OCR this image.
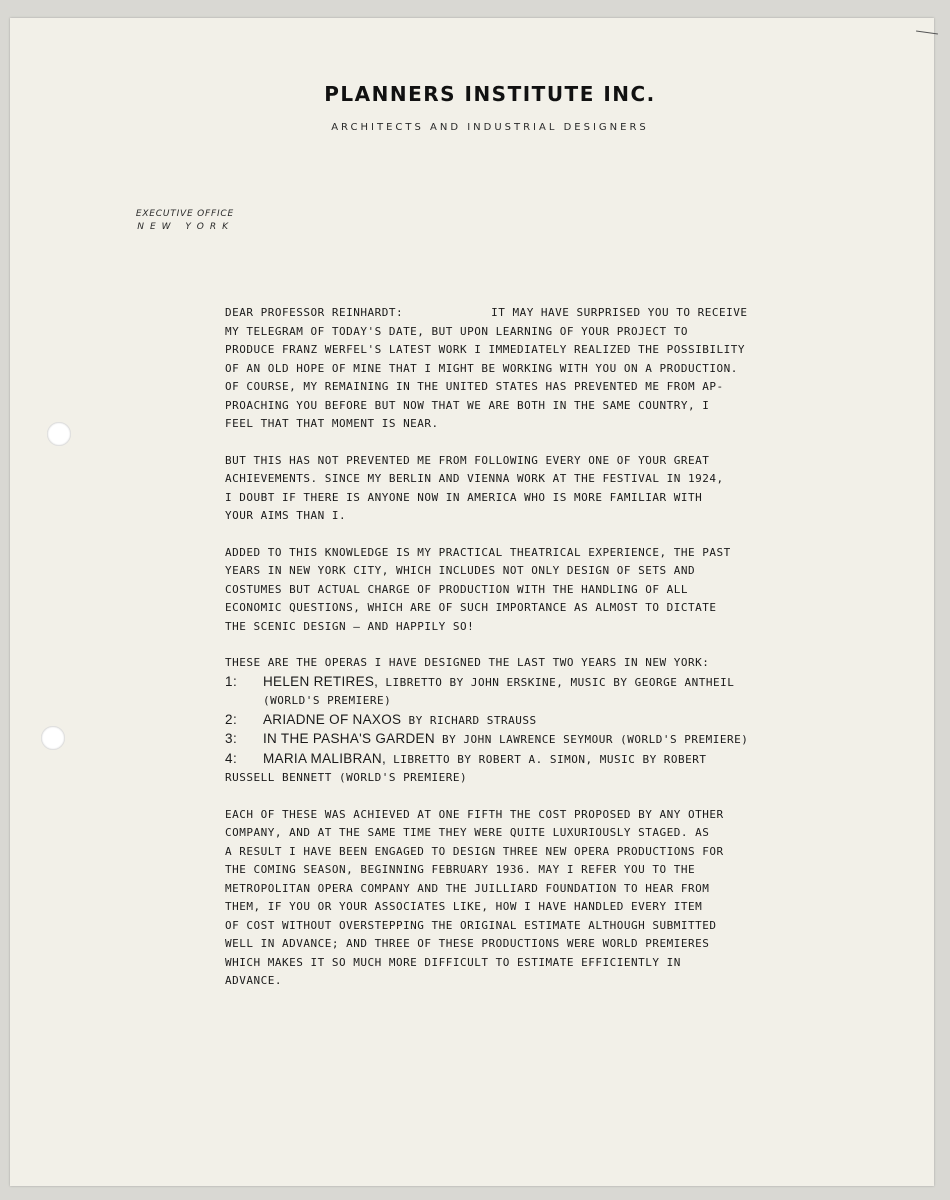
PLANNERS INSTITUTE INC.
ARCHITECTS AND INDUSTRIAL DESIGNERS
EXECUTIVE OFFICE
NEW YORK
DEAR PROFESSOR REINHARDT:	IT MAY HAVE SURPRISED YOU TO RECEIVE
MY TELEGRAM OF TODAY'S DATE, BUT UPON LEARNING OF YOUR PROJECT TO
PRODUCE FRANZ WERFEL'S LATEST WORK I IMMEDIATELY REALIZED THE POSSIBILITY
OF AN OLD HOPE OF MINE THAT I MIGHT BE WORKING WITH YOU ON A PRODUCTION.
OF COURSE, MY REMAINING IN THE UNITED STATES HAS PREVENTED ME FROM AP-
PROACHING YOU BEFORE BUT NOW THAT WE ARE BOTH IN THE SAME COUNTRY, I
FEEL THAT THAT MOMENT IS NEAR.
BUT THIS HAS NOT PREVENTED ME FROM FOLLOWING EVERY ONE OF YOUR GREAT
ACHIEVEMENTS. SINCE MY BERLIN AND VIENNA WORK AT THE FESTIVAL IN 1924,
I DOUBT IF THERE IS ANYONE NOW IN AMERICA WHO IS MORE FAMILIAR WITH
YOUR AIMS THAN I.
ADDED TO THIS KNOWLEDGE IS MY PRACTICAL THEATRICAL EXPERIENCE, THE PAST
YEARS IN NEW YORK CITY, WHICH INCLUDES NOT ONLY DESIGN OF SETS AND
COSTUMES BUT ACTUAL CHARGE OF PRODUCTION WITH THE HANDLING OF ALL
ECONOMIC QUESTIONS, WHICH ARE OF SUCH IMPORTANCE AS ALMOST TO DICTATE
THE SCENIC DESIGN — AND HAPPILY SO!
THESE ARE THE OPERAS I HAVE DESIGNED THE LAST TWO YEARS IN NEW YORK:
1: HELEN RETIRES, LIBRETTO BY JOHN ERSKINE, MUSIC BY GEORGE ANTHEIL
(WORLD'S PREMIERE)
2: ARIADNE OF NAXOS BY RICHARD STRAUSS
3: IN THE PASHA'S GARDEN BY JOHN LAWRENCE SEYMOUR (WORLD'S PREMIERE)
4: MARIA MALIBRAN, LIBRETTO BY ROBERT A. SIMON, MUSIC BY ROBERT
RUSSELL BENNETT (WORLD'S PREMIERE)
EACH OF THESE WAS ACHIEVED AT ONE FIFTH THE COST PROPOSED BY ANY OTHER
COMPANY, AND AT THE SAME TIME THEY WERE QUITE LUXURIOUSLY STAGED. AS
A RESULT I HAVE BEEN ENGAGED TO DESIGN THREE NEW OPERA PRODUCTIONS FOR
THE COMING SEASON, BEGINNING FEBRUARY 1936. MAY I REFER YOU TO THE
METROPOLITAN OPERA COMPANY AND THE JUILLIARD FOUNDATION TO HEAR FROM
THEM, IF YOU OR YOUR ASSOCIATES LIKE, HOW I HAVE HANDLED EVERY ITEM
OF COST WITHOUT OVERSTEPPING THE ORIGINAL ESTIMATE ALTHOUGH SUBMITTED
WELL IN ADVANCE; AND THREE OF THESE PRODUCTIONS WERE WORLD PREMIERES
WHICH MAKES IT SO MUCH MORE DIFFICULT TO ESTIMATE EFFICIENTLY IN
ADVANCE.
